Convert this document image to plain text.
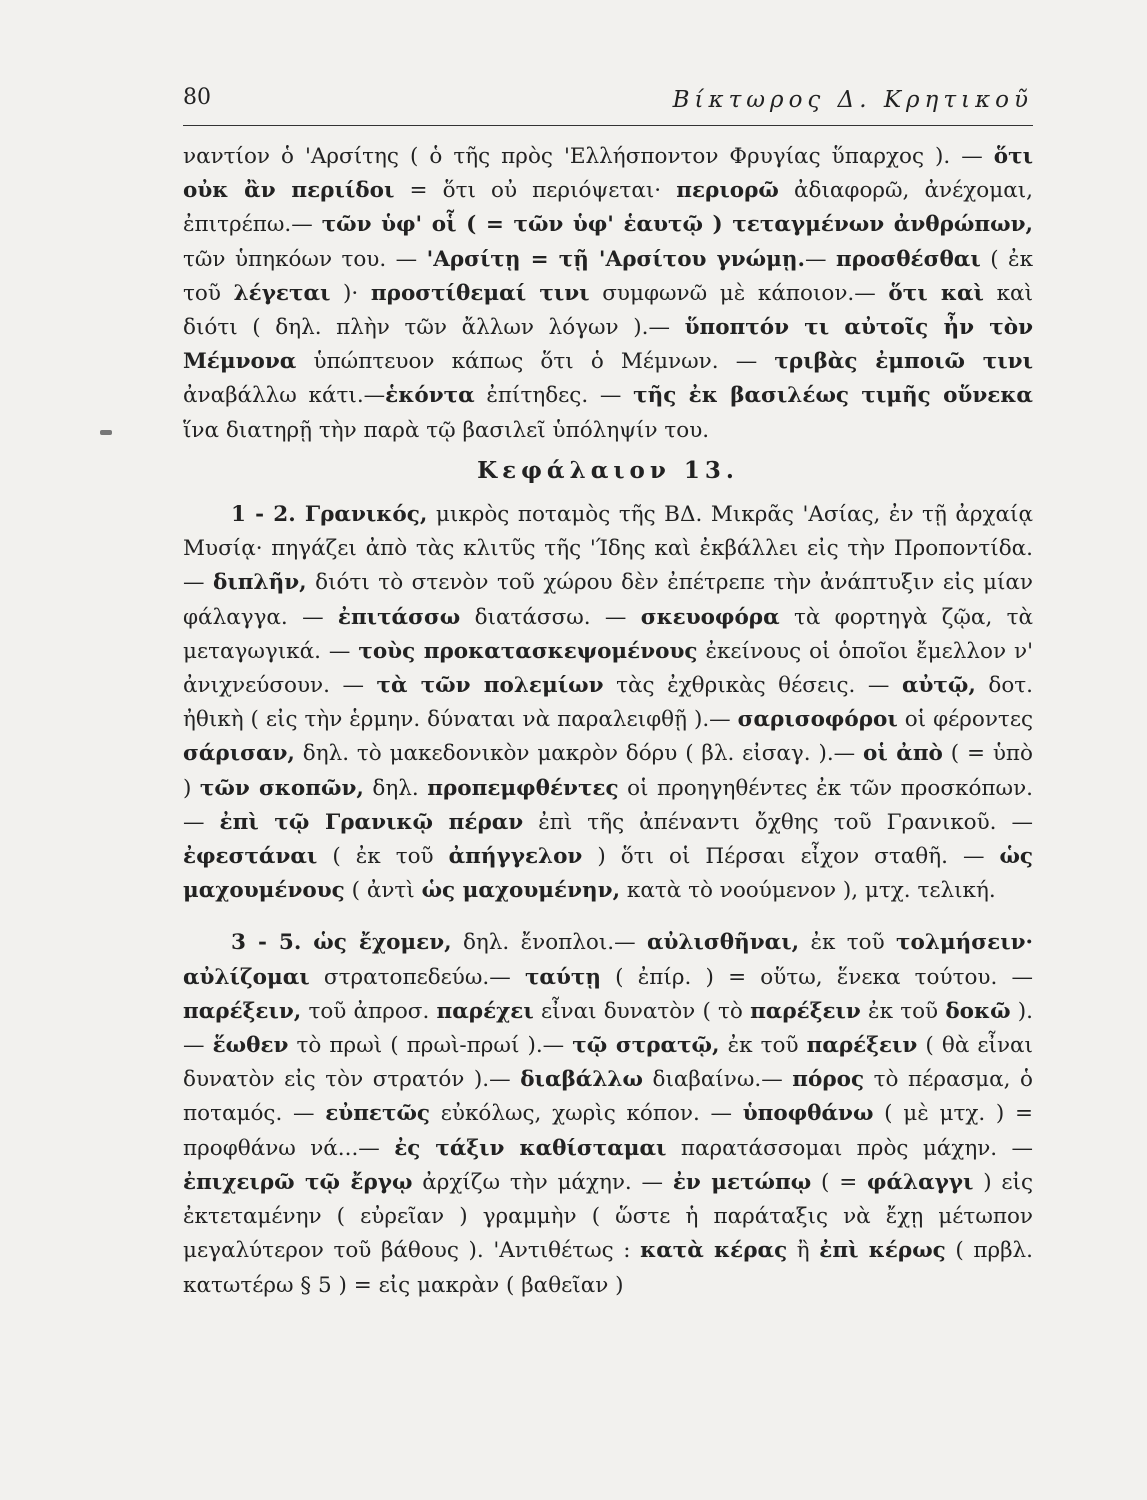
80	Βίκτωρος Δ. Κρητικοῦ

ναντίον ὁ 'Αρσίτης ( ὁ τῆς πρὸς 'Ελλήσποντον Φρυγίας ὕπαρχος ). — ὅτι οὐκ ἂν περιίδοι = ὅτι οὐ περιόψεται· περιορῶ ἀδιαφορῶ, ἀνέχομαι, ἐπιτρέπω.— τῶν ὑφ' οἷ ( = τῶν ὑφ' ἑαυτῷ ) τεταγμένων ἀνθρώπων, τῶν ὑπηκόων του. — 'Αρσίτῃ = τῇ 'Αρσίτου γνώμῃ.— προσθέσθαι ( ἐκ τοῦ λέγεται )· προστίθεμαί τινι συμφωνῶ μὲ κάποιον.— ὅτι καὶ καὶ διότι ( δηλ. πλὴν τῶν ἄλλων λόγων ).— ὕποπτόν τι αὐτοῖς ἦν τὸν Μέμνονα ὑπώπτευον κάπως ὅτι ὁ Μέμνων. — τριβὰς ἐμποιῶ τινι ἀναβάλλω κάτι.—ἑκόντα ἐπίτηδες. — τῆς ἐκ βασιλέως τιμῆς οὕνεκα ἵνα διατηρῇ τὴν παρὰ τῷ βασιλεῖ ὑπόληψίν του.

Κεφάλαιον 13.

1 - 2. Γρανικός, μικρὸς ποταμὸς τῆς ΒΔ. Μικρᾶς 'Ασίας, ἐν τῇ ἀρχαίᾳ Μυσίᾳ· πηγάζει ἀπὸ τὰς κλιτῦς τῆς 'Ίδης καὶ ἐκβάλλει εἰς τὴν Προποντίδα. — διπλῆν, διότι τὸ στενὸν τοῦ χώρου δὲν ἐπέτρεπε τὴν ἀνάπτυξιν εἰς μίαν φάλαγγα. — ἐπιτάσσω διατάσσω. — σκευοφόρα τὰ φορτηγὰ ζῷα, τὰ μεταγωγικά. — τοὺς προκατασκεψομένους ἐκείνους οἱ ὁποῖοι ἔμελλον ν' ἀνιχνεύσουν. — τὰ τῶν πολεμίων τὰς ἐχθρικὰς θέσεις. — αὐτῷ, δοτ. ἠθικὴ ( εἰς τὴν ἑρμην. δύναται νὰ παραλειφθῇ ).— σαρισοφόροι οἱ φέροντες σάρισαν, δηλ. τὸ μακεδονικὸν μακρὸν δόρυ ( βλ. εἰσαγ. ).— οἱ ἀπὸ ( = ὑπὸ ) τῶν σκοπῶν, δηλ. προπεμφθέντες οἱ προηγηθέντες ἐκ τῶν προσκόπων.— ἐπὶ τῷ Γρανικῷ πέραν ἐπὶ τῆς ἀπέναντι ὄχθης τοῦ Γρανικοῦ. — ἐφεστάναι ( ἐκ τοῦ ἀπήγγελον ) ὅτι οἱ Πέρσαι εἶχον σταθῆ. — ὡς μαχουμένους ( ἀντὶ ὡς μαχουμένην, κατὰ τὸ νοούμενον ), μτχ. τελική.

3 - 5. ὡς ἔχομεν, δηλ. ἔνοπλοι.— αὐλισθῆναι, ἐκ τοῦ τολμήσειν· αὐλίζομαι στρατοπεδεύω.— ταύτῃ ( ἐπίρ. ) = οὕτω, ἕνεκα τούτου. — παρέξειν, τοῦ ἀπροσ. παρέχει εἶναι δυνατὸν ( τὸ παρέξειν ἐκ τοῦ δοκῶ ).— ἕωθεν τὸ πρωὶ ( πρωὶ-πρωί ).— τῷ στρατῷ, ἐκ τοῦ παρέξειν ( θὰ εἶναι δυνατὸν εἰς τὸν στρατόν ).— διαβάλλω διαβαίνω.— πόρος τὸ πέρασμα, ὁ ποταμός. — εὐπετῶς εὐκόλως, χωρὶς κόπον. — ὑποφθάνω ( μὲ μτχ. ) = προφθάνω νά...— ἐς τάξιν καθίσταμαι παρατάσσομαι πρὸς μάχην. — ἐπιχειρῶ τῷ ἔργῳ ἀρχίζω τὴν μάχην. — ἐν μετώπῳ ( = φάλαγγι ) εἰς ἐκτεταμένην ( εὐρεῖαν ) γραμμὴν ( ὥστε ἡ παράταξις νὰ ἔχῃ μέτωπον μεγαλύτερον τοῦ βάθους ). 'Αντιθέτως : κατὰ κέρας ἢ ἐπὶ κέρως ( πρβλ. κατωτέρω § 5 ) = εἰς μακρὰν ( βαθεῖαν )
